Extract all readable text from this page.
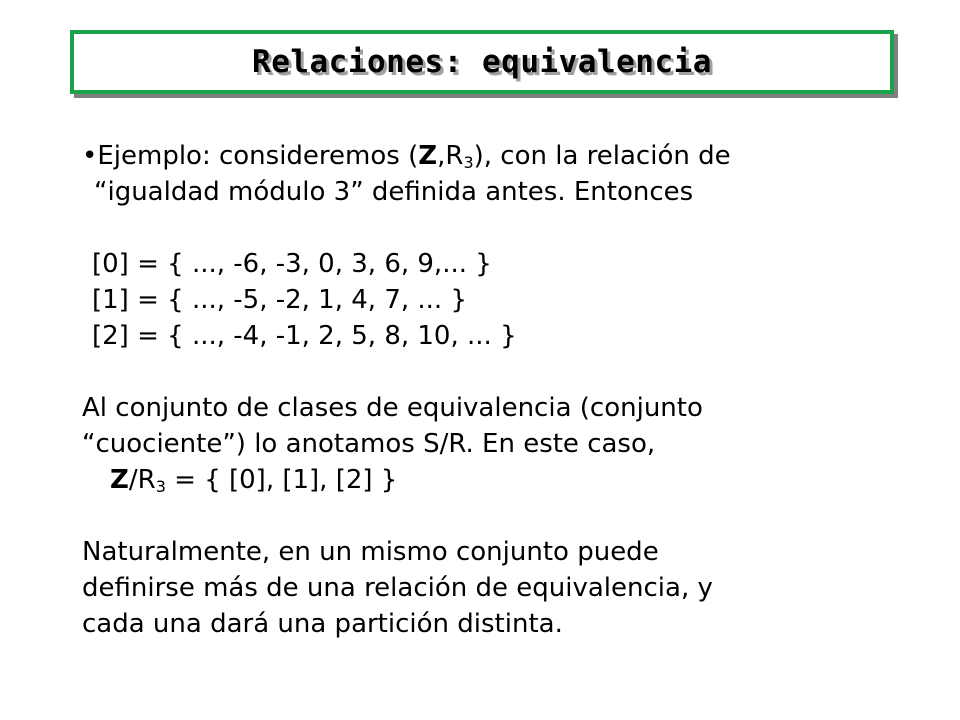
Relaciones: equivalencia
•Ejemplo: consideremos $(Z,R_3)$, con la relación de
“igualdad módulo 3” definida antes. Entonces
[0] = { ..., -6, -3, 0, 3, 6, 9,... }
[1] = { ..., -5, -2, 1, 4, 7, ... }
[2] = { ..., -4, -1, 2, 5, 8, 10, ... }
Al conjunto de clases de equivalencia (conjunto
“cuociente”) lo anotamos S/R. En este caso,
$Z/R_3$ = { [0], [1], [2] }
Naturalmente, en un mismo conjunto puede
definirse más de una relación de equivalencia, y
cada una dará una partición distinta.
